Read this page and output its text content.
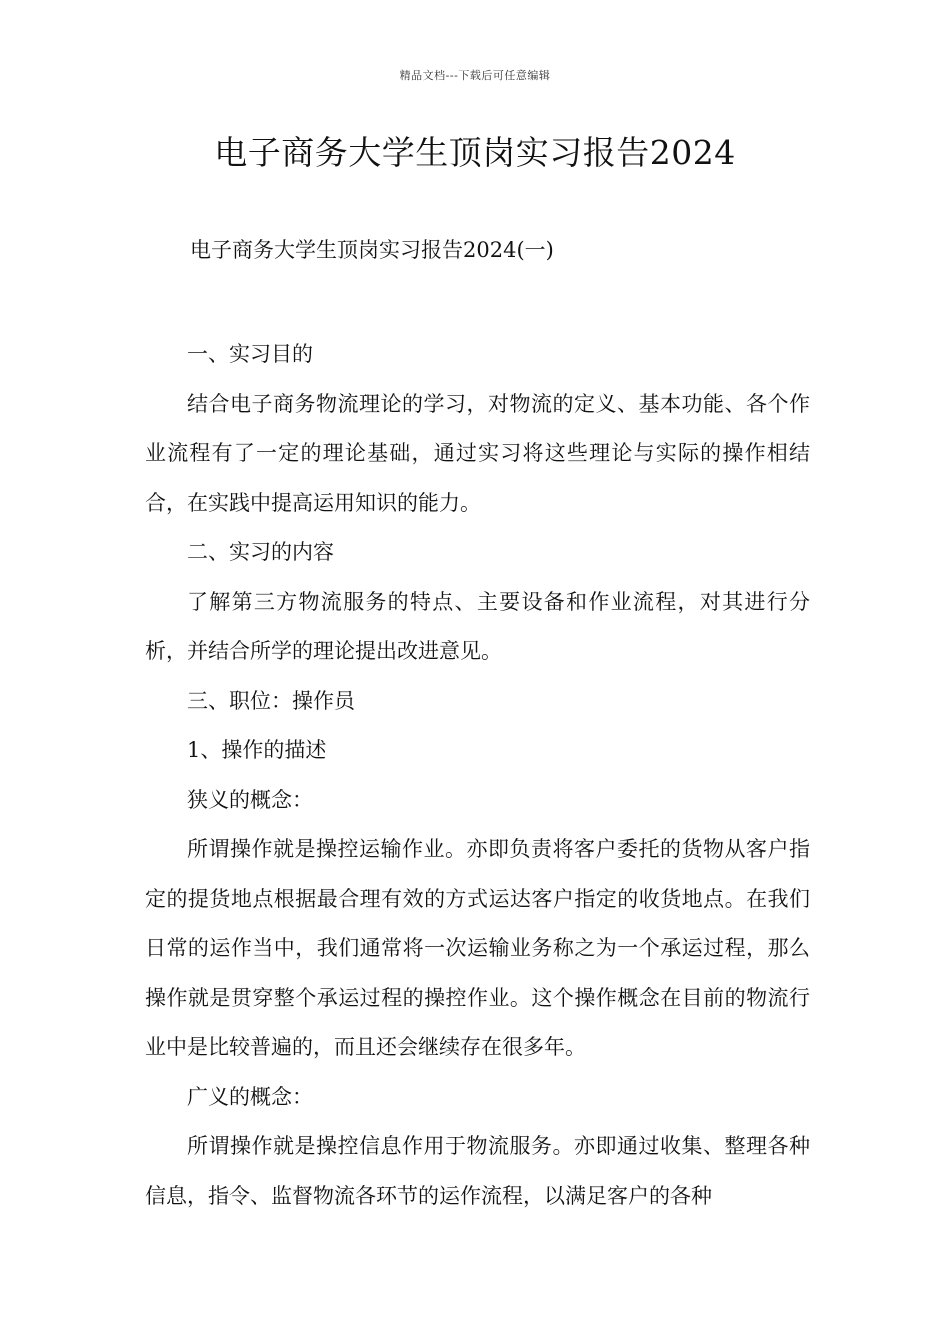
精品文档---下载后可任意编辑
电子商务大学生顶岗实习报告2024

电子商务大学生顶岗实习报告2024(一)

一、实习目的

结合电子商务物流理论的学习，对物流的定义、基本功能、各个作业流程有了一定的理论基础，通过实习将这些理论与实际的操作相结合，在实践中提高运用知识的能力。

二、实习的内容

了解第三方物流服务的特点、主要设备和作业流程，对其进行分析，并结合所学的理论提出改进意见。

三、职位：操作员

1、操作的描述

狭义的概念：

所谓操作就是操控运输作业。亦即负责将客户委托的货物从客户指定的提货地点根据最合理有效的方式运达客户指定的收货地点。在我们日常的运作当中，我们通常将一次运输业务称之为一个承运过程，那么操作就是贯穿整个承运过程的操控作业。这个操作概念在目前的物流行业中是比较普遍的，而且还会继续存在很多年。

广义的概念：

所谓操作就是操控信息作用于物流服务。亦即通过收集、整理各种信息，指令、监督物流各环节的运作流程，以满足客户的各种
